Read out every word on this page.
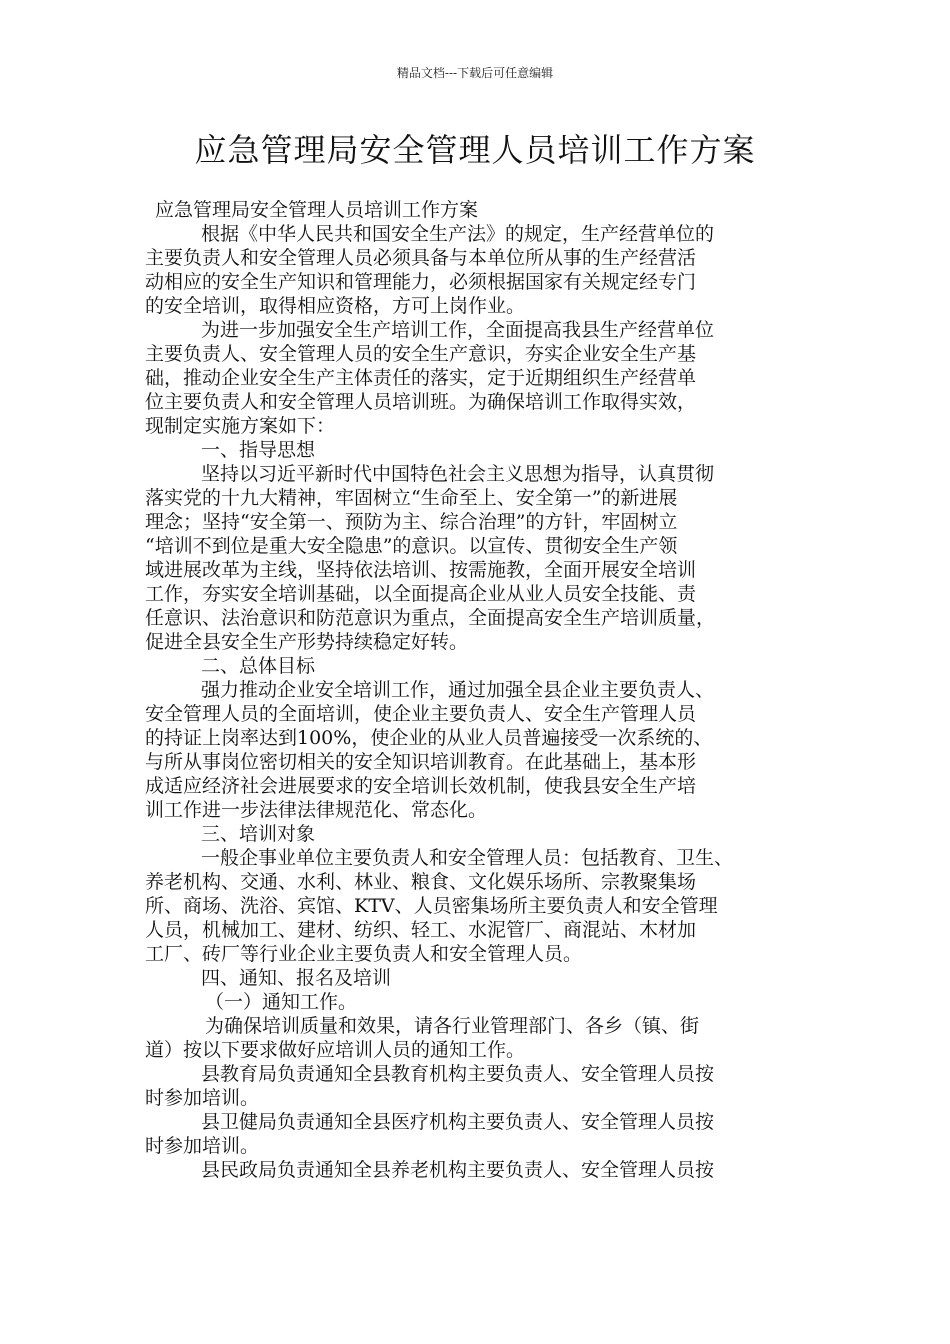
精品文档---下载后可任意编辑
应急管理局安全管理人员培训工作方案
应急管理局安全管理人员培训工作方案
根据《中华人民共和国安全生产法》的规定，生产经营单位的
主要负责人和安全管理人员必须具备与本单位所从事的生产经营活
动相应的安全生产知识和管理能力，必须根据国家有关规定经专门
的安全培训，取得相应资格，方可上岗作业。
为进一步加强安全生产培训工作，全面提高我县生产经营单位
主要负责人、安全管理人员的安全生产意识，夯实企业安全生产基
础，推动企业安全生产主体责任的落实，定于近期组织生产经营单
位主要负责人和安全管理人员培训班。为确保培训工作取得实效，
现制定实施方案如下：
一、指导思想
坚持以习近平新时代中国特色社会主义思想为指导，认真贯彻
落实党的十九大精神，牢固树立“生命至上、安全第一”的新进展
理念；坚持“安全第一、预防为主、综合治理”的方针，牢固树立
“培训不到位是重大安全隐患”的意识。以宣传、贯彻安全生产领
域进展改革为主线，坚持依法培训、按需施教，全面开展安全培训
工作，夯实安全培训基础，以全面提高企业从业人员安全技能、责
任意识、法治意识和防范意识为重点，全面提高安全生产培训质量，
促进全县安全生产形势持续稳定好转。
二、总体目标
强力推动企业安全培训工作，通过加强全县企业主要负责人、
安全管理人员的全面培训，使企业主要负责人、安全生产管理人员
的持证上岗率达到100%，使企业的从业人员普遍接受一次系统的、
与所从事岗位密切相关的安全知识培训教育。在此基础上，基本形
成适应经济社会进展要求的安全培训长效机制，使我县安全生产培
训工作进一步法律法律规范化、常态化。
三、培训对象
一般企事业单位主要负责人和安全管理人员：包括教育、卫生、
养老机构、交通、水利、林业、粮食、文化娱乐场所、宗教聚集场
所、商场、洗浴、宾馆、KTV、人员密集场所主要负责人和安全管理
人员，机械加工、建材、纺织、轻工、水泥管厂、商混站、木材加
工厂、砖厂等行业企业主要负责人和安全管理人员。
四、通知、报名及培训
（一）通知工作。
为确保培训质量和效果，请各行业管理部门、各乡（镇、街
道）按以下要求做好应培训人员的通知工作。
县教育局负责通知全县教育机构主要负责人、安全管理人员按
时参加培训。
县卫健局负责通知全县医疗机构主要负责人、安全管理人员按
时参加培训。
县民政局负责通知全县养老机构主要负责人、安全管理人员按
